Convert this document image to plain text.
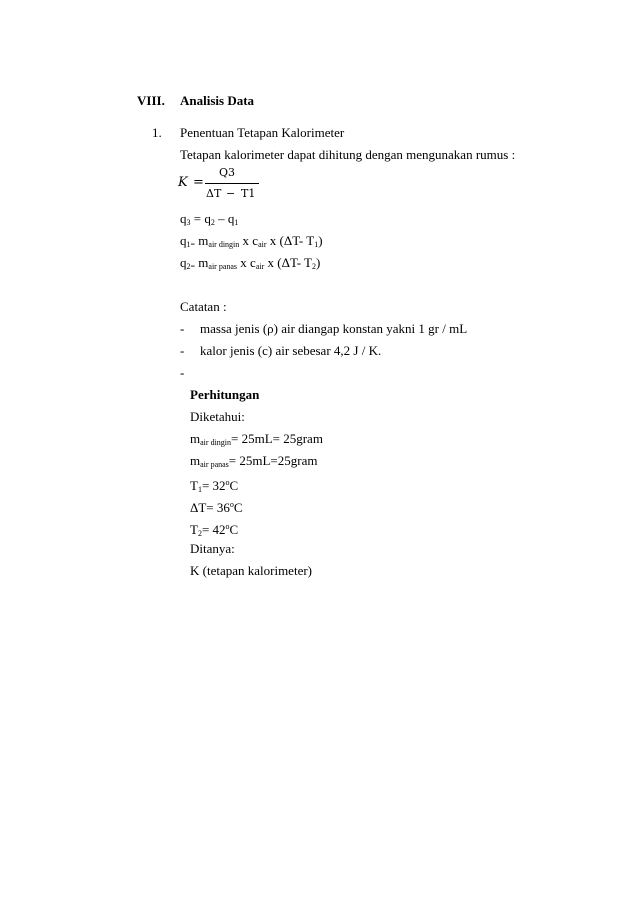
VIII. Analisis Data
1. Penentuan Tetapan Kalorimeter
Tetapan kalorimeter dapat dihitung dengan mengunakan rumus :
K =
Q3
ΔT − T1
$q_3 = q_2 - q_1$
$q_{1=}$ $m_{air dingin}$ x $c_{air}$ x (ΔT- $T_1$)
$q_{2=}$ $m_{air panas}$ x $c_{air}$ x (ΔT- $T_2$)
Catatan :
- massa jenis (ρ) air diangap konstan yakni 1 gr / mL
- kalor jenis (c) air sebesar 4,2 J / K.
-
Perhitungan
Diketahui:
$m_{air dingin}= 25mL=$ 25gram
$m_{air panas}=$ 25mL=25gram
$T_1= 32^oC$
$\Delta T= 36^oC$
$T_2= 42^oC$
Ditanya:
K (tetapan kalorimeter)
